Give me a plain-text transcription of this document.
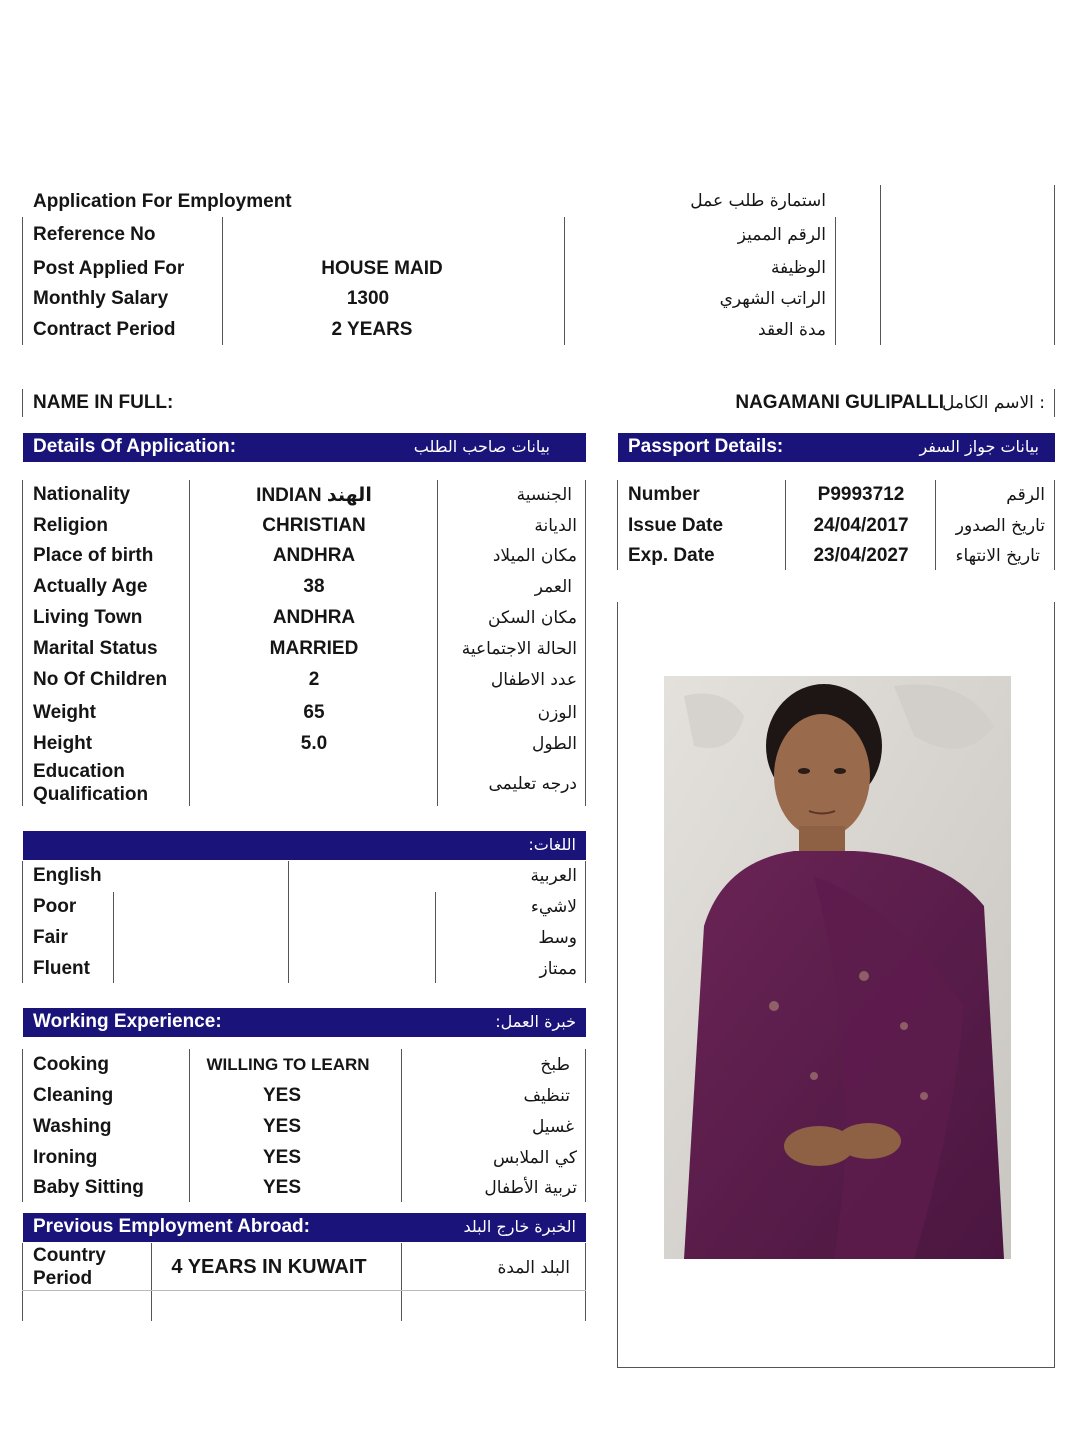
Application For Employment	استمارة طلب عمل
Reference No	الرقم المميز
Post Applied For	HOUSE MAID	الوظيفة
Monthly Salary	1300	الراتب الشهري
Contract Period	2 YEARS	مدة العقد
NAME IN FULL:	NAGAMANI GULIPALLI
: الاسم الكامل
Details Of Application:	بيانات صاحب الطلب
Nationality	INDIAN الهند	الجنسية
Religion	CHRISTIAN	الديانة
Place of birth	ANDHRA	مكان الميلاد
Actually Age	38	العمر
Living Town	ANDHRA	مكان السكن
Marital Status	MARRIED	الحالة الاجتماعية
No Of Children	2	عدد الاطفال
Weight	65	الوزن
Height	5.0	الطول
Education
Qualification	درجه تعليمى
Passport Details:	بيانات جواز السفر
Number	P9993712	الرقم
Issue Date	24/04/2017	تاريخ الصدور
Exp. Date	23/04/2027	تاريخ الانتهاء
اللغات:
English	العربية
Poor	لاشيء
Fair	وسط
Fluent	ممتاز
Working Experience:	خبرة العمل:
Cooking	WILLING TO LEARN	طبخ
Cleaning	YES	تنظيف
Washing	YES	غسيل
Ironing	YES	كي الملابس
Baby Sitting	YES	تربية الأطفال
Previous Employment Abroad:	الخبرة خارج البلد
Country
Period
4 YEARS IN KUWAIT	البلد المدة
